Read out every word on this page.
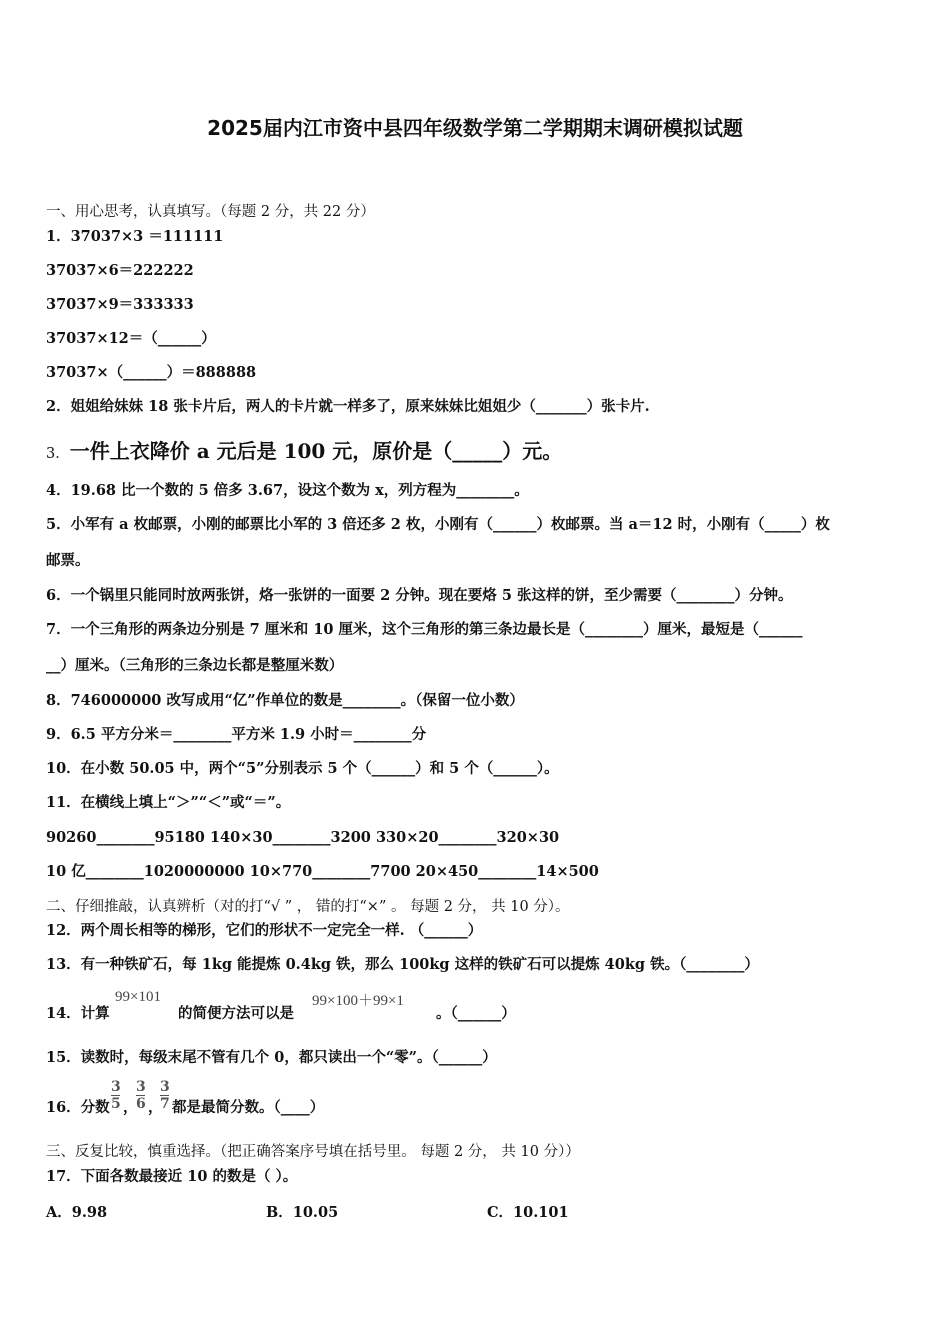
2025届内江市资中县四年级数学第二学期期末调研模拟试题
一、用心思考，认真填写。（每题 2 分，共 22 分）
1．37037×3 ＝111111
37037×6＝222222
37037×9＝333333
37037×12＝（______）
37037×（______）＝888888
2．姐姐给妹妹 18 张卡片后，两人的卡片就一样多了，原来妹妹比姐姐少（_______）张卡片.
3．一件上衣降价 a 元后是 100 元，原价是（_____）元。
4．19.68 比一个数的 5 倍多 3.67，设这个数为 x，列方程为________。
5．小军有 a 枚邮票，小刚的邮票比小军的 3 倍还多 2 枚，小刚有（______）枚邮票。当 a＝12 时，小刚有（_____）枚
邮票。
6．一个锅里只能同时放两张饼，烙一张饼的一面要 2 分钟。现在要烙 5 张这样的饼，至少需要（________）分钟。
7．一个三角形的两条边分别是 7 厘米和 10 厘米，这个三角形的第三条边最长是（________）厘米，最短是（______
__）厘米。（三角形的三条边长都是整厘米数）
8．746000000 改写成用“亿”作单位的数是________。（保留一位小数）
9．6.5 平方分米＝________平方米 1.9 小时＝________分
10．在小数 50.05 中，两个“5”分别表示 5 个（______）和 5 个（______）。
11．在横线上填上“＞”“＜”或“＝”。
90260________95180 140×30________3200 330×20________320×30
10 亿________1020000000 10×770________7700 20×450________14×500
二、仔细推敲，认真辨析（对的打“√ ” ， 错的打“×” 。 每题 2 分， 共 10 分）。
12．两个周长相等的梯形，它们的形状不一定完全一样. （______）
13．有一种铁矿石，每 1kg 能提炼 0.4kg 铁，那么 100kg 这样的铁矿石可以提炼 40kg 铁。（________）
14．计算
99×101
的简便方法可以是
99×100＋99×1
。（______）
15．读数时，每级末尾不管有几个 0，都只读出一个“零”。（______）
16．分数
3
5 ，
3
6 ，
3
7 都是最简分数。（____）
三、反复比较，慎重选择。（把正确答案序号填在括号里。 每题 2 分， 共 10 分））
17．下面各数最接近 10 的数是（ ）。
A．9.98	B．10.05	C．10.101
